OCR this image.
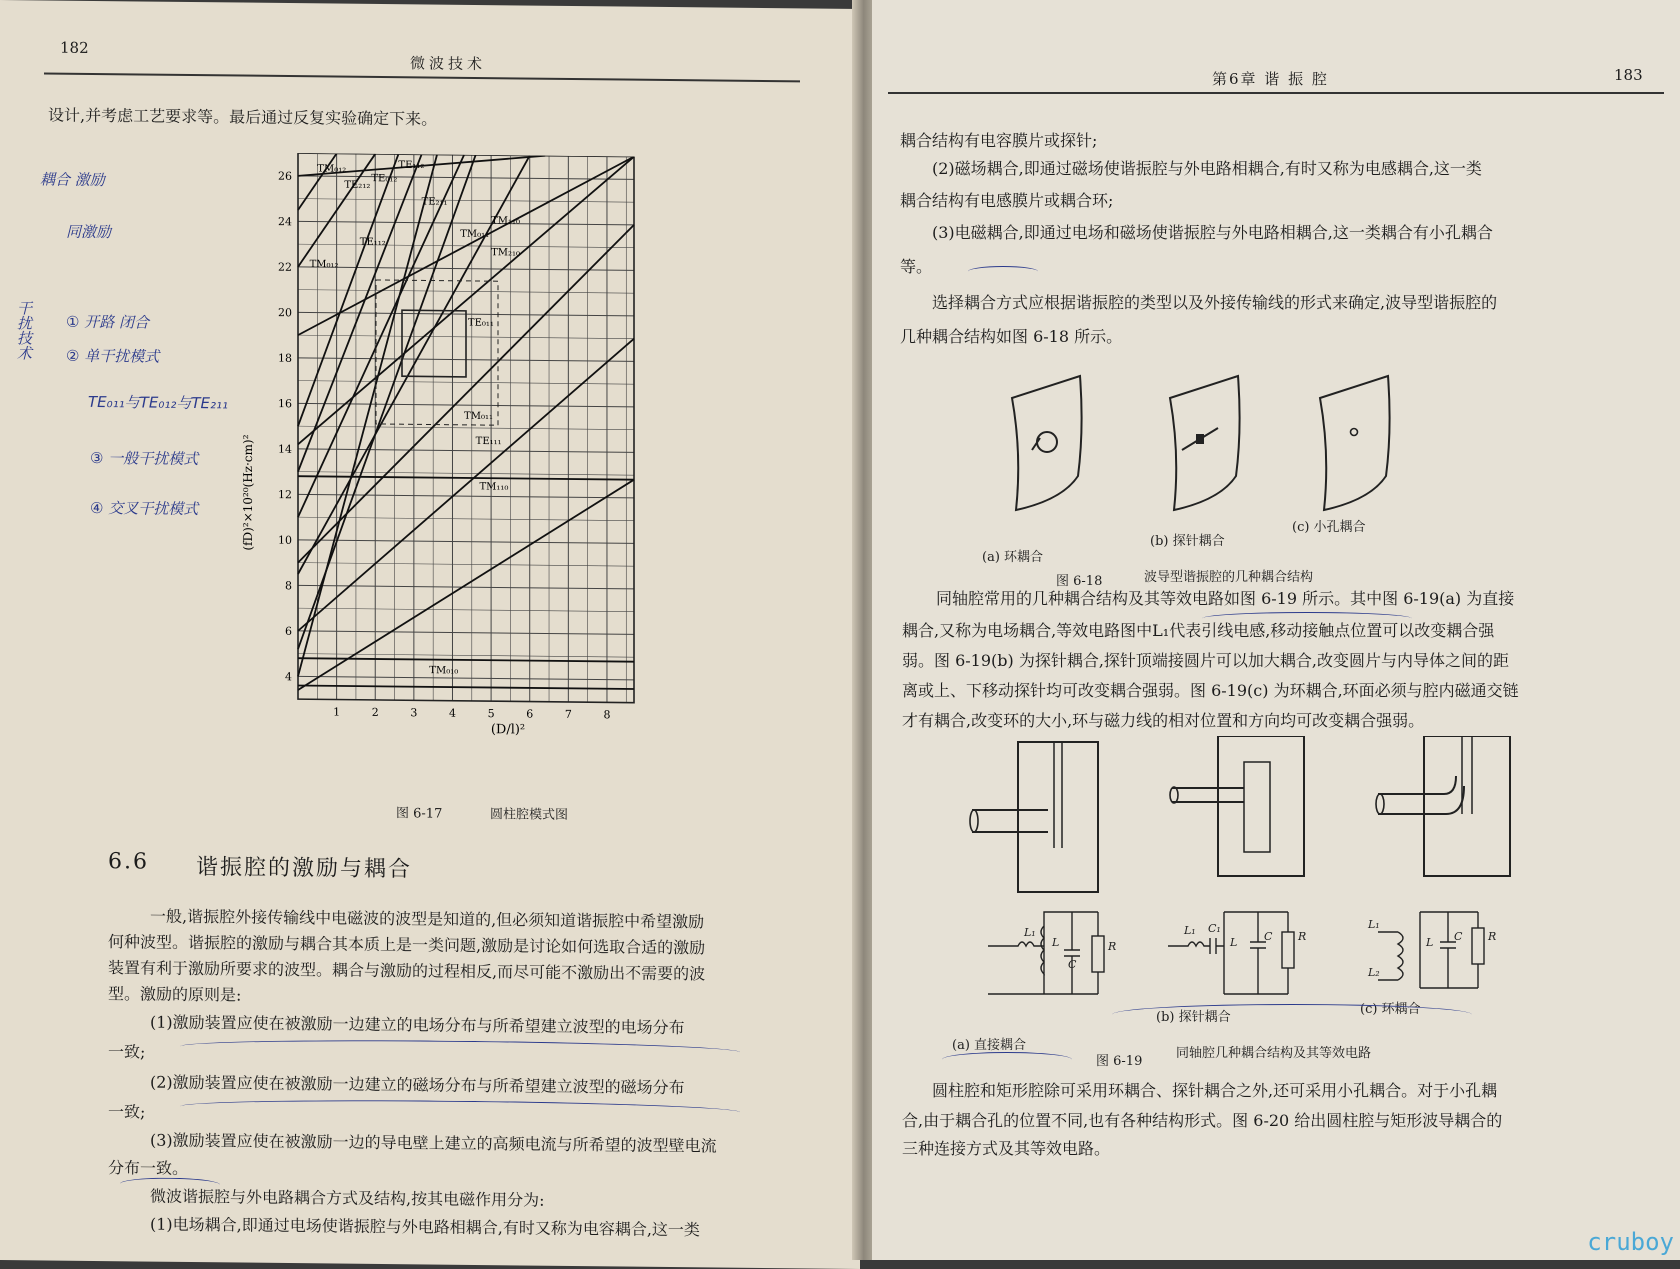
182
微波技术
设计,并考虑工艺要求等。最后通过反复实验确定下来。
耦合 激励
同激励
干扰技术 ① 开路 闭合
② 单干扰模式
TE₀₁₁与TE₀₁₂与TE₂₁₁
③ 一般干扰模式
④ 交叉干扰模式
4
6
8
10
12
14
16
18
20
22
24
26
1	2	3	4	5	6	7	8
TM₀₁₂
TE₂₁₂
TE₀₁₂
TE₁₁₂
TE₂₁₁
TM₁₁₀
TM₀₁₁
TM₂₁₀
TE₀₁₁
TM₀₁₁
TE₁₁₁
TM₁₁₀
TM₀₁₀
TE₁₁₂
TM₀₁₂
(fD)²×10²⁰(Hz·cm)²
(D/l)²
图 6-17	圆柱腔模式图
6.6 谐振腔的激励与耦合
一般,谐振腔外接传输线中电磁波的波型是知道的,但必须知道谐振腔中希望激励
何种波型。谐振腔的激励与耦合其本质上是一类问题,激励是讨论如何选取合适的激励
装置有利于激励所要求的波型。耦合与激励的过程相反,而尽可能不激励出不需要的波
型。激励的原则是:
(1)激励装置应使在被激励一边建立的电场分布与所希望建立波型的电场分布
一致;
(2)激励装置应使在被激励一边建立的磁场分布与所希望建立波型的磁场分布
一致;
(3)激励装置应使在被激励一边的导电壁上建立的高频电流与所希望的波型壁电流
分布一致。
微波谐振腔与外电路耦合方式及结构,按其电磁作用分为:
(1)电场耦合,即通过电场使谐振腔与外电路相耦合,有时又称为电容耦合,这一类
第6章 谐 振 腔	183
耦合结构有电容膜片或探针;
(2)磁场耦合,即通过磁场使谐振腔与外电路相耦合,有时又称为电感耦合,这一类
耦合结构有电感膜片或耦合环;
(3)电磁耦合,即通过电场和磁场使谐振腔与外电路相耦合,这一类耦合有小孔耦合
等。
选择耦合方式应根据谐振腔的类型以及外接传输线的形式来确定,波导型谐振腔的
几种耦合结构如图 6-18 所示。
(a) 环耦合
(b) 探针耦合
(c) 小孔耦合
图 6-18	波导型谐振腔的几种耦合结构
同轴腔常用的几种耦合结构及其等效电路如图 6-19 所示。其中图 6-19(a) 为直接
耦合,又称为电场耦合,等效电路图中L₁代表引线电感,移动接触点位置可以改变耦合强
弱。图 6-19(b) 为探针耦合,探针顶端接圆片可以加大耦合,改变圆片与内导体之间的距
离或上、下移动探针均可改变耦合强弱。图 6-19(c) 为环耦合,环面必须与腔内磁通交链
才有耦合,改变环的大小,环与磁力线的相对位置和方向均可改变耦合强弱。
L₁
L
C
R
L₁ C₁
L C R
L₁
L C R
L₂
(a) 直接耦合
(b) 探针耦合
(c) 环耦合
图 6-19
同轴腔几种耦合结构及其等效电路
圆柱腔和矩形腔除可采用环耦合、探针耦合之外,还可采用小孔耦合。对于小孔耦
合,由于耦合孔的位置不同,也有各种结构形式。图 6-20 给出圆柱腔与矩形波导耦合的
三种连接方式及其等效电路。
cruboy
